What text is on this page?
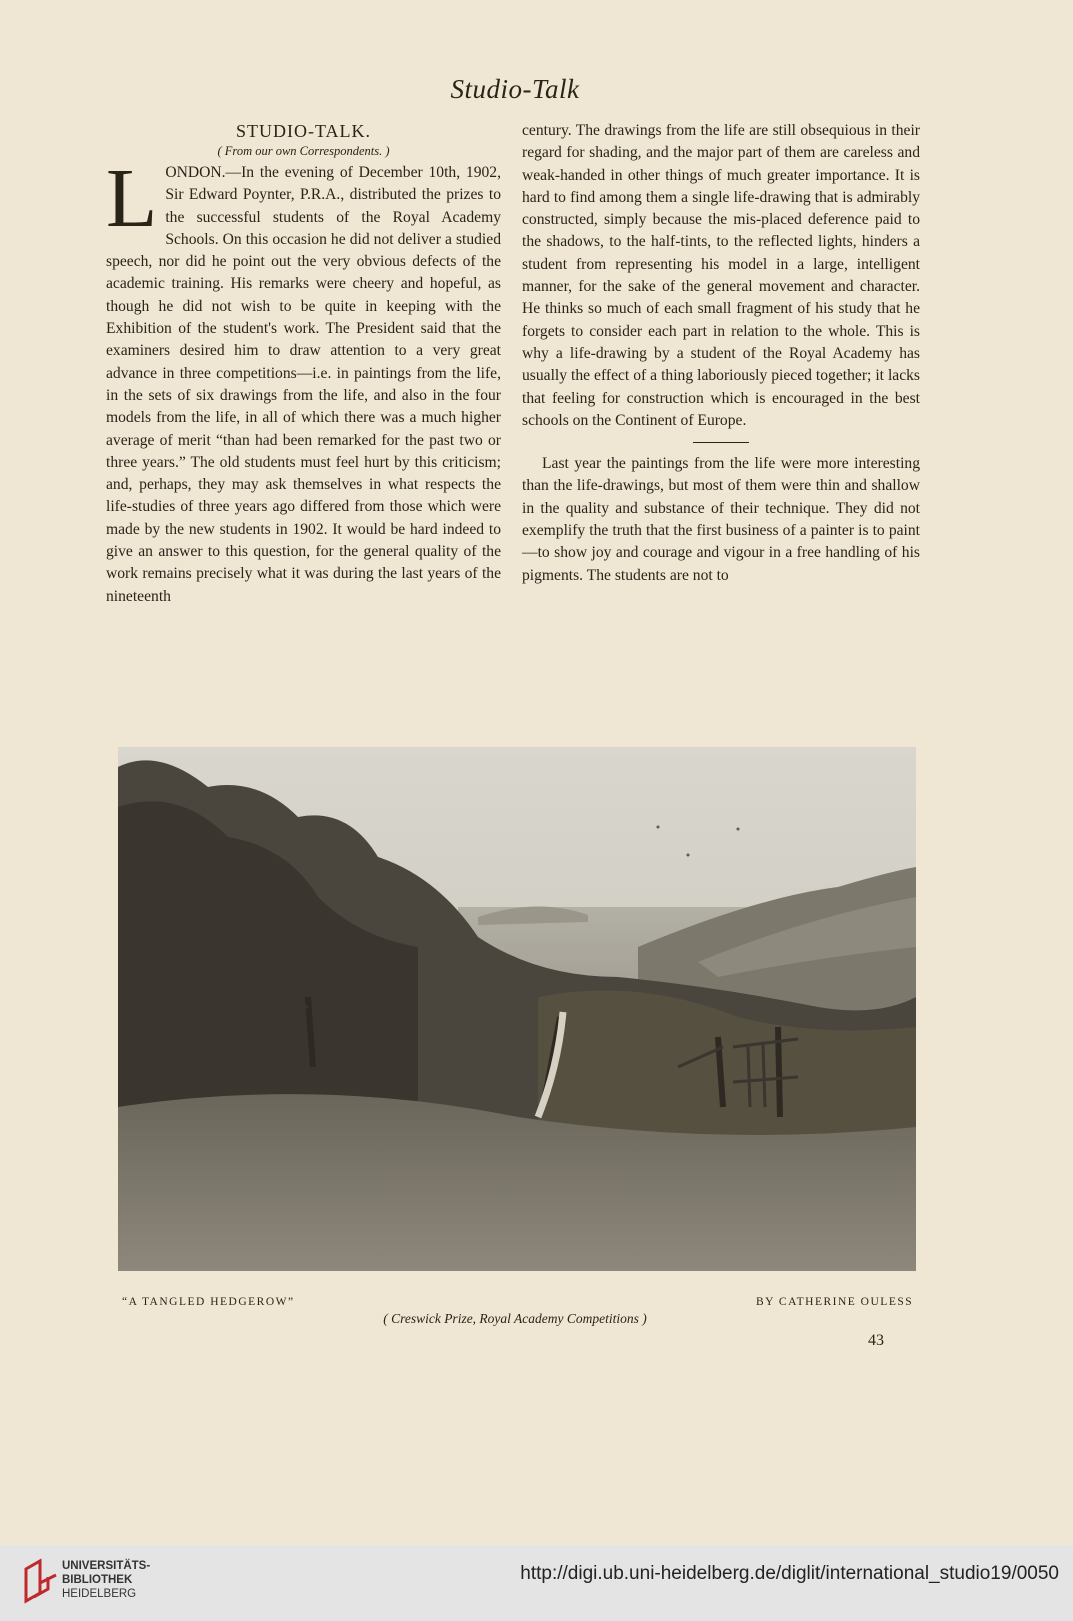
Studio-Talk

STUDIO-TALK.

( From our own Correspondents. )

LONDON.—In the evening of December 10th, 1902, Sir Edward Poynter, P.R.A., distributed the prizes to the successful students of the Royal Academy Schools. On this occasion he did not deliver a studied speech, nor did he point out the very obvious defects of the academic training. His remarks were cheery and hopeful, as though he did not wish to be quite in keeping with the Exhibition of the student's work. The President said that the examiners desired him to draw attention to a very great advance in three competitions—i.e. in paintings from the life, in the sets of six drawings from the life, and also in the four models from the life, in all of which there was a much higher average of merit “than had been remarked for the past two or three years.” The old students must feel hurt by this criticism; and, perhaps, they may ask themselves in what respects the life-studies of three years ago differed from those which were made by the new students in 1902. It would be hard indeed to give an answer to this question, for the general quality of the work remains precisely what it was during the last years of the nineteenth

century. The drawings from the life are still obsequious in their regard for shading, and the major part of them are careless and weak-handed in other things of much greater importance. It is hard to find among them a single life-drawing that is admirably constructed, simply because the mis-placed deference paid to the shadows, to the half-tints, to the reflected lights, hinders a student from representing his model in a large, intelligent manner, for the sake of the general movement and character. He thinks so much of each small fragment of his study that he forgets to consider each part in relation to the whole. This is why a life-drawing by a student of the Royal Academy has usually the effect of a thing laboriously pieced together; it lacks that feeling for construction which is encouraged in the best schools on the Continent of Europe.

Last year the paintings from the life were more interesting than the life-drawings, but most of them were thin and shallow in the quality and substance of their technique. They did not exemplify the truth that the first business of a painter is to paint—to show joy and courage and vigour in a free handling of his pigments. The students are not to

“A TANGLED HEDGEROW”	BY CATHERINE OULESS
( Creswick Prize, Royal Academy Competitions )
43
UNIVERSITÄTS-
BIBLIOTHEK
HEIDELBERG
http://digi.ub.uni-heidelberg.de/diglit/international_studio19/0050
